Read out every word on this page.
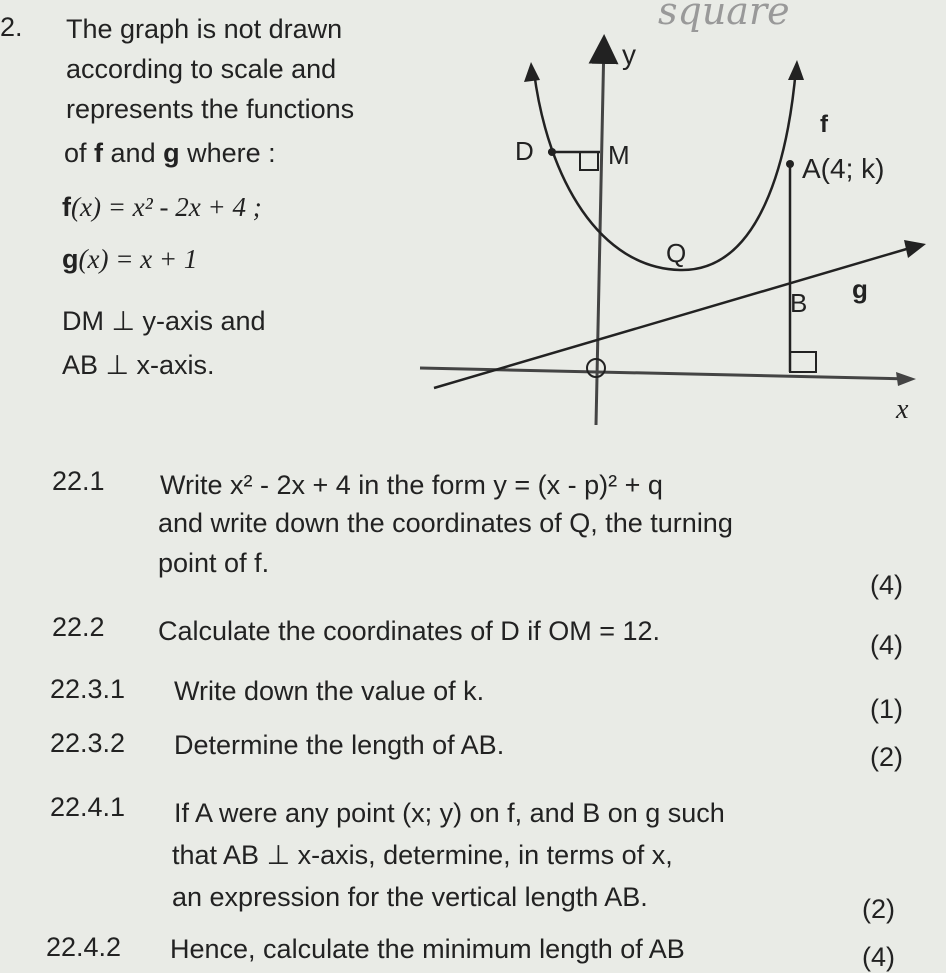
2. The graph is not drawn
according to scale and
represents the functions
of f and g where :
f(x) = x² - 2x + 4 ;
g(x) = x + 1
DM ⊥ y-axis and
AB ⊥ x-axis.
y
D	M
Q
f
A(4; k)
B g
x
square
22.1 Write x² - 2x + 4 in the form y = (x - p)² + q
and write down the coordinates of Q, the turning
point of f.
(4)
22.2 Calculate the coordinates of D if OM = 12.	(4)
22.3.1 Write down the value of k.
(1)
22.3.2 Determine the length of AB.	(2)
22.4.1 If A were any point (x; y) on f, and B on g such
that AB ⊥ x-axis, determine, in terms of x,
an expression for the vertical length AB.	(2)
22.4.2 Hence, calculate the minimum length of AB	(4)
